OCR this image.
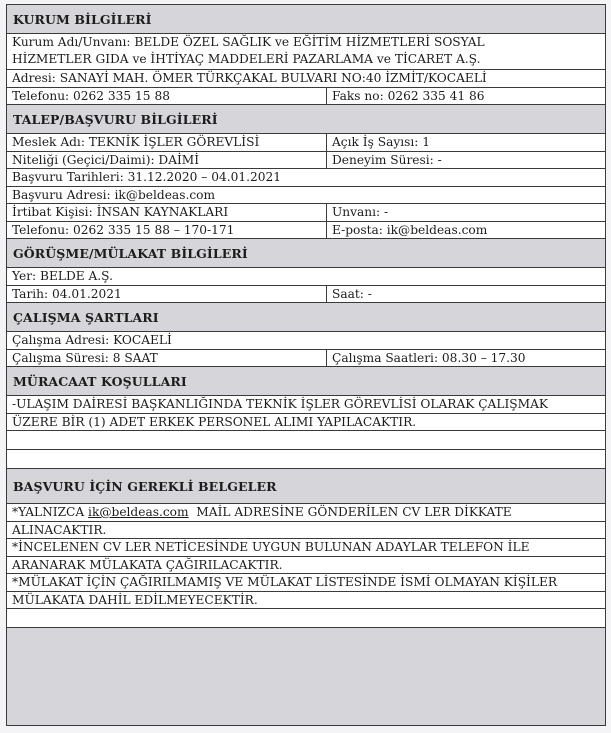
KURUM BİLGİLERİ
Kurum Adı/Unvanı: BELDE ÖZEL SAĞLIK ve EĞİTİM HİZMETLERİ SOSYAL
HİZMETLER GIDA ve İHTİYAÇ MADDELERİ PAZARLAMA ve TİCARET A.Ş.
Adresi: SANAYİ MAH. ÖMER TÜRKÇAKAL BULVARI NO:40 İZMİT/KOCAELİ
Telefonu: 0262 335 15 88	Faks no: 0262 335 41 86
TALEP/BAŞVURU BİLGİLERİ
Meslek Adı: TEKNİK İŞLER GÖREVLİSİ	Açık İş Sayısı: 1
Niteliği (Geçici/Daimi): DAİMİ	Deneyim Süresi: -
Başvuru Tarihleri: 31.12.2020 – 04.01.2021
Başvuru Adresi: ik@beldeas.com
İrtibat Kişisi: İNSAN KAYNAKLARI	Unvanı: -
Telefonu: 0262 335 15 88 – 170-171	E-posta: ik@beldeas.com
GÖRÜŞME/MÜLAKAT BİLGİLERİ
Yer: BELDE A.Ş.
Tarih: 04.01.2021	Saat: -
ÇALIŞMA ŞARTLARI
Çalışma Adresi: KOCAELİ
Çalışma Süresi: 8 SAAT	Çalışma Saatleri: 08.30 – 17.30
MÜRACAAT KOŞULLARI
-ULAŞIM DAİRESİ BAŞKANLIĞINDA TEKNİK İŞLER GÖREVLİSİ OLARAK ÇALIŞMAK
ÜZERE BİR (1) ADET ERKEK PERSONEL ALIMI YAPILACAKTIR.
BAŞVURU İÇİN GEREKLİ BELGELER
*YALNIZCA ik@beldeas.com  MAİL ADRESİNE GÖNDERİLEN CV LER DİKKATE
ALINACAKTIR.
*İNCELENEN CV LER NETİCESİNDE UYGUN BULUNAN ADAYLAR TELEFON İLE
ARANARAK MÜLAKATA ÇAĞIRILACAKTIR.
*MÜLAKAT İÇİN ÇAĞIRILMAMIŞ VE MÜLAKAT LİSTESİNDE İSMİ OLMAYAN KİŞİLER
MÜLAKATA DAHİL EDİLMEYECEKTİR.
